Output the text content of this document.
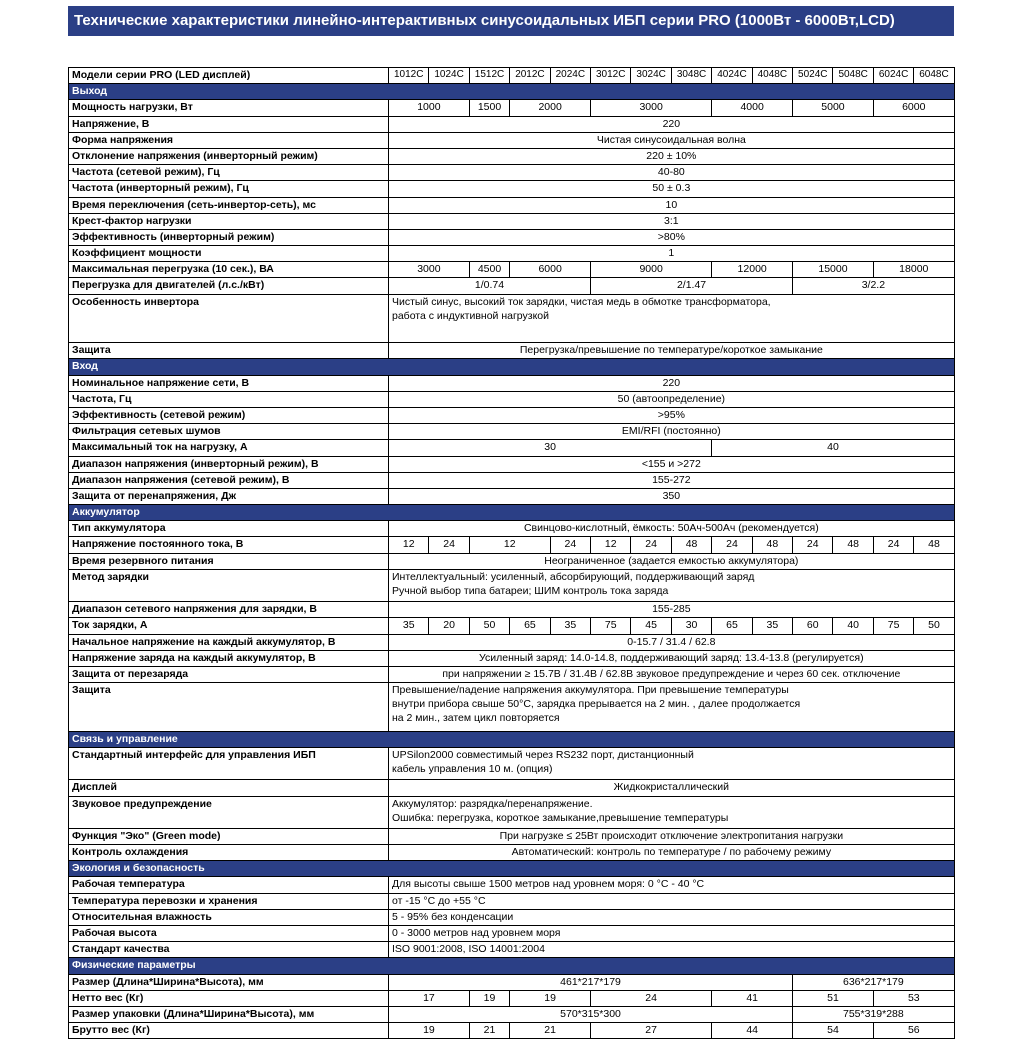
Технические характеристики линейно-интерактивных синусоидальных ИБП серии PRO (1000Вт - 6000Вт,LCD)
Модели серии PRO (LED дисплей)	1012C	1024C	1512C	2012C	2024C	3012C	3024C	3048C	4024C	4048C	5024C	5048C	6024C	6048C
Выход														
Мощность нагрузки, Вт	1000		1500	2000		3000			4000		5000		6000	
Напряжение, В	220													
Форма напряжения	Чистая синусоидальная волна													
Отклонение напряжения (инверторный режим)	220 ± 10%													
Частота (сетевой режим), Гц	40-80													
Частота (инверторный режим), Гц	50 ± 0.3													
Время переключения (сеть-инвертор-сеть), мс	10													
Крест-фактор нагрузки	3:1													
Эффективность (инверторный режим)	>80%													
Коэффициент мощности	1													
Максимальная перегрузка (10 сек.), ВА	3000		4500	6000		9000			12000		15000		18000	
Перегрузка для двигателей (л.с./кВт)	1/0.74					2/1.47					3/2.2			
Особенность инвертора	Чистый синус, высокий ток зарядки, чистая медь в обмотке трансформатора,
работа с индуктивной нагрузкой													
Защита	Перегрузка/превышение по температуре/короткое замыкание													
Вход														
Номинальное напряжение сети, В	220													
Частота, Гц	50 (автоопределение)													
Эффективность (сетевой режим)	>95%													
Фильтрация сетевых шумов	EMI/RFI (постоянно)													
Максимальный ток на нагрузку, А	30								40					
Диапазон напряжения (инверторный режим), В	<155 и >272													
Диапазон напряжения (сетевой режим), В	155-272													
Защита от перенапряжения, Дж	350													
Аккумулятор														
Тип аккумулятора	Свинцово-кислотный, ёмкость: 50Ач-500Ач (рекомендуется)													
Напряжение постоянного тока, В	12	24	12		24	12	24	48	24	48	24	48	24	48
Время резервного питания	Неограниченное (задается емкостью аккумулятора)													
Метод зарядки	Интеллектуальный: усиленный, абсорбирующий, поддерживающий заряд
Ручной выбор типа батареи; ШИМ контроль тока заряда													
Диапазон сетевого напряжения для зарядки, В	155-285													
Ток зарядки, А	35	20	50	65	35	75	45	30	65	35	60	40	75	50
Начальное напряжение на каждый аккумулятор, В	0-15.7 / 31.4 / 62.8													
Напряжение заряда на каждый аккумулятор, В	Усиленный заряд: 14.0-14.8, поддерживающий заряд: 13.4-13.8 (регулируется)													
Защита от перезаряда	при напряжении ≥ 15.7В / 31.4В / 62.8В звуковое предупреждение и через 60 сек. отключение													
Защита	Превышение/падение напряжения аккумулятора. При превышение температуры
внутри прибора свыше 50°C, зарядка прерывается на 2 мин. , далее продолжается
на 2 мин., затем цикл повторяется													
Связь и управление														
Стандартный интерфейс для управления ИБП	UPSilon2000 совместимый через RS232 порт, дистанционный
кабель управления 10 м. (опция)													
Дисплей	Жидкокристаллический													
Звуковое предупреждение	Аккумулятор: разрядка/перенапряжение.
Ошибка: перегрузка, короткое замыкание,превышение температуры													
Функция "Эко" (Green mode)	При нагрузке ≤ 25Вт происходит отключение электропитания нагрузки													
Контроль охлаждения	Автоматический: контроль по температуре / по рабочему режиму													
Экология и безопасность														
Рабочая температура	Для высоты свыше 1500 метров над уровнем моря: 0 °C - 40 °C													
Температура перевозки и хранения	от -15 °C до +55 °C													
Относительная влажность	5 - 95% без конденсации													
Рабочая высота	0 - 3000 метров над уровнем моря													
Стандарт качества	ISO 9001:2008, ISO 14001:2004													
Физические параметры														
Размер (Длина*Ширина*Высота), мм	461*217*179										636*217*179			
Нетто вес (Кг)	17		19	19		24			41		51		53	
Размер упаковки (Длина*Ширина*Высота), мм	570*315*300										755*319*288			
Брутто вес (Кг)	19		21	21		27			44		54		56	
